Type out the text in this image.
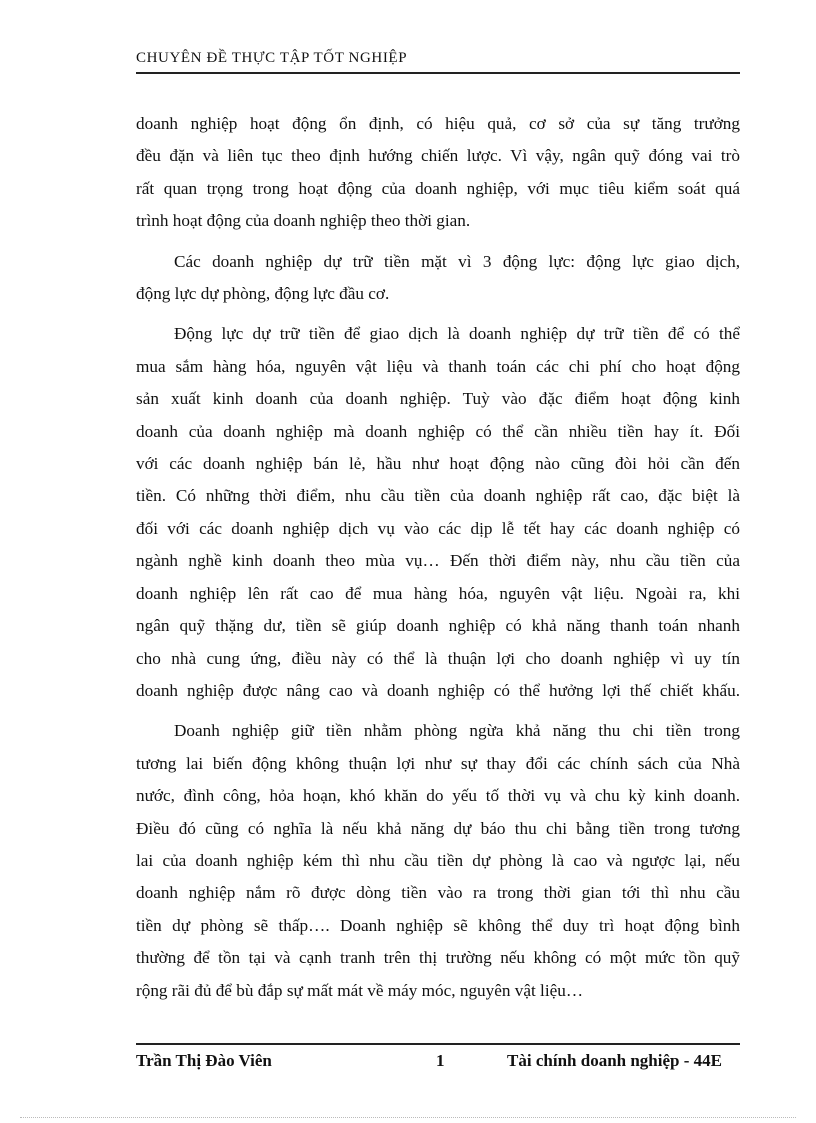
CHUYÊN ĐỀ THỰC TẬP TỐT NGHIỆP
doanh nghiệp hoạt động ổn định, có hiệu quả, cơ sở của sự tăng trưởng
đều đặn và liên tục theo định hướng chiến lược. Vì vậy, ngân quỹ đóng vai trò
rất quan trọng trong hoạt động của doanh nghiệp, với mục tiêu kiểm soát quá
trình hoạt động của doanh nghiệp theo thời gian.
Các doanh nghiệp dự trữ tiền mặt vì 3 động lực: động lực giao dịch,
động lực dự phòng, động lực đầu cơ.
Động lực dự trữ tiền để giao dịch là doanh nghiệp dự trữ tiền để có thể
mua sắm hàng hóa, nguyên vật liệu và thanh toán các chi phí cho hoạt động
sản xuất kinh doanh của doanh nghiệp. Tuỳ vào đặc điểm hoạt động kinh
doanh của doanh nghiệp mà doanh nghiệp có thể cần nhiều tiền hay ít. Đối
với các doanh nghiệp bán lẻ, hầu như hoạt động nào cũng đòi hỏi cần đến
tiền. Có những thời điểm, nhu cầu tiền của doanh nghiệp rất cao, đặc biệt là
đối với các doanh nghiệp dịch vụ vào các dịp lễ tết hay các doanh nghiệp có
ngành nghề kinh doanh theo mùa vụ… Đến thời điểm này, nhu cầu tiền của
doanh nghiệp lên rất cao để mua hàng hóa, nguyên vật liệu. Ngoài ra, khi
ngân quỹ thặng dư, tiền sẽ giúp doanh nghiệp có khả năng thanh toán nhanh
cho nhà cung ứng, điều này có thể là thuận lợi cho doanh nghiệp vì uy tín
doanh nghiệp được nâng cao và doanh nghiệp có thể hưởng lợi thế chiết khấu.
Doanh nghiệp giữ tiền nhằm phòng ngừa khả năng thu chi tiền trong
tương lai biến động không thuận lợi như sự thay đổi các chính sách của Nhà
nước, đình công, hỏa hoạn, khó khăn do yếu tố thời vụ và chu kỳ kinh doanh.
Điều đó cũng có nghĩa là nếu khả năng dự báo thu chi bằng tiền trong tương
lai của doanh nghiệp kém thì nhu cầu tiền dự phòng là cao và ngược lại, nếu
doanh nghiệp nắm rõ được dòng tiền vào ra trong thời gian tới thì nhu cầu
tiền dự phòng sẽ thấp…. Doanh nghiệp sẽ không thể duy trì hoạt động bình
thường để tồn tại và cạnh tranh trên thị trường nếu không có một mức tồn quỹ
rộng rãi đủ để bù đắp sự mất mát về máy móc, nguyên vật liệu…
Trần Thị Đào Viên	1	Tài chính doanh nghiệp - 44E
